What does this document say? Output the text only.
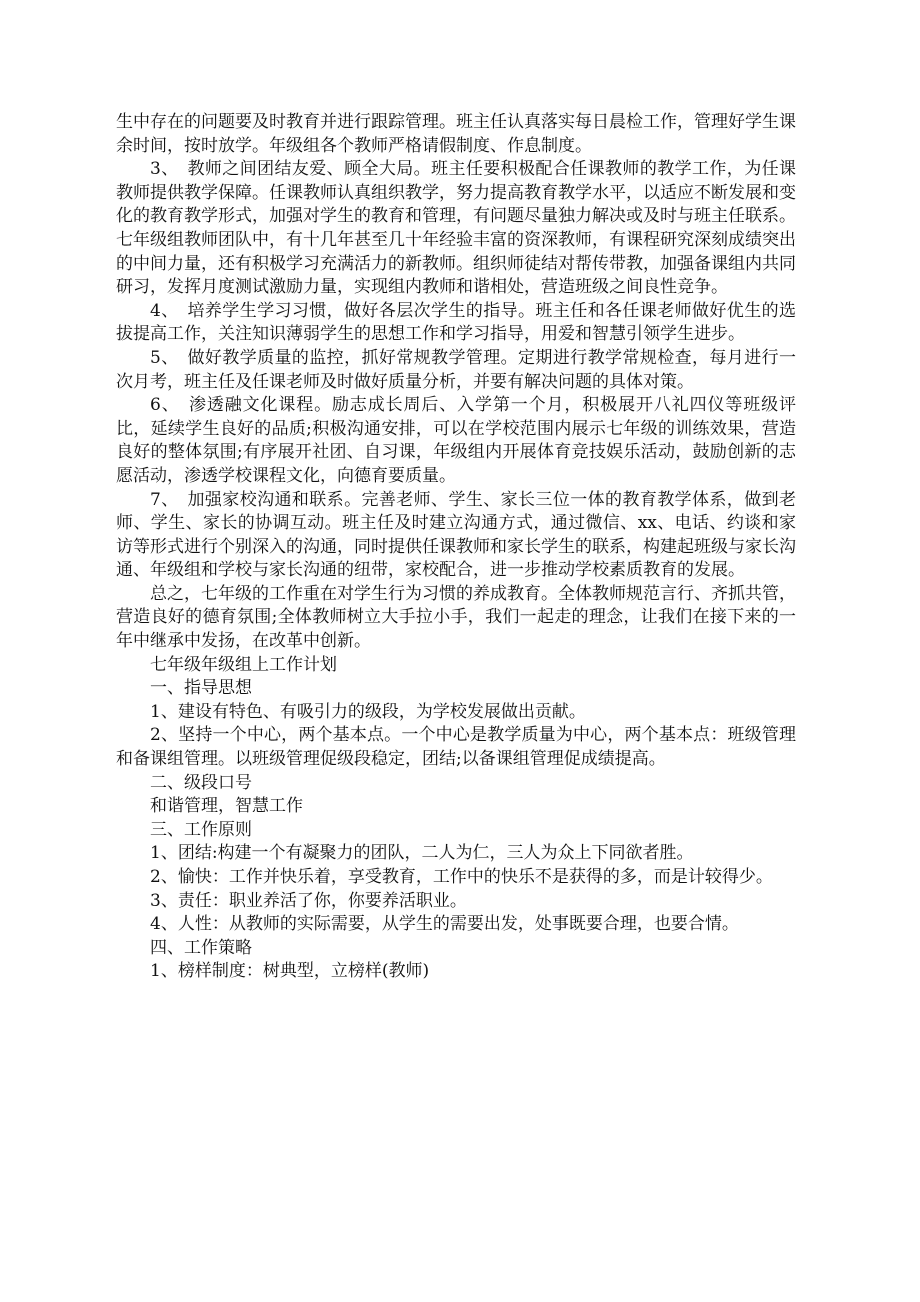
生中存在的问题要及时教育并进行跟踪管理。班主任认真落实每日晨检工作，管理好学生课余时间，按时放学。年级组各个教师严格请假制度、作息制度。

3、　教师之间团结友爱、顾全大局。班主任要积极配合任课教师的教学工作，为任课教师提供教学保障。任课教师认真组织教学，努力提高教育教学水平，以适应不断发展和变化的教育教学形式，加强对学生的教育和管理，有问题尽量独力解决或及时与班主任联系。七年级组教师团队中，有十几年甚至几十年经验丰富的资深教师，有课程研究深刻成绩突出的中间力量，还有积极学习充满活力的新教师。组织师徒结对帮传带教，加强备课组内共同研习，发挥月度测试激励力量，实现组内教师和谐相处，营造班级之间良性竞争。

4、　培养学生学习习惯，做好各层次学生的指导。班主任和各任课老师做好优生的选拔提高工作，关注知识薄弱学生的思想工作和学习指导，用爱和智慧引领学生进步。

5、　做好教学质量的监控，抓好常规教学管理。定期进行教学常规检查，每月进行一次月考，班主任及任课老师及时做好质量分析，并要有解决问题的具体对策。

6、　渗透融文化课程。励志成长周后、入学第一个月，积极展开八礼四仪等班级评比，延续学生良好的品质;积极沟通安排，可以在学校范围内展示七年级的训练效果，营造良好的整体氛围;有序展开社团、自习课，年级组内开展体育竞技娱乐活动，鼓励创新的志愿活动，渗透学校课程文化，向德育要质量。

7、　加强家校沟通和联系。完善老师、学生、家长三位一体的教育教学体系，做到老师、学生、家长的协调互动。班主任及时建立沟通方式，通过微信、xx、电话、约谈和家访等形式进行个别深入的沟通，同时提供任课教师和家长学生的联系，构建起班级与家长沟通、年级组和学校与家长沟通的纽带，家校配合，进一步推动学校素质教育的发展。

总之，七年级的工作重在对学生行为习惯的养成教育。全体教师规范言行、齐抓共管，营造良好的德育氛围;全体教师树立大手拉小手，我们一起走的理念，让我们在接下来的一年中继承中发扬，在改革中创新。

七年级年级组上工作计划

一、指导思想

1、建设有特色、有吸引力的级段，为学校发展做出贡献。

2、坚持一个中心，两个基本点。一个中心是教学质量为中心，两个基本点：班级管理和备课组管理。以班级管理促级段稳定，团结;以备课组管理促成绩提高。

二、级段口号

和谐管理，智慧工作

三、工作原则

1、团结:构建一个有凝聚力的团队，二人为仁，三人为众上下同欲者胜。

2、愉快：工作并快乐着，享受教育，工作中的快乐不是获得的多，而是计较得少。

3、责任：职业养活了你，你要养活职业。

4、人性：从教师的实际需要，从学生的需要出发，处事既要合理，也要合情。

四、工作策略

1、榜样制度：树典型，立榜样(教师)
